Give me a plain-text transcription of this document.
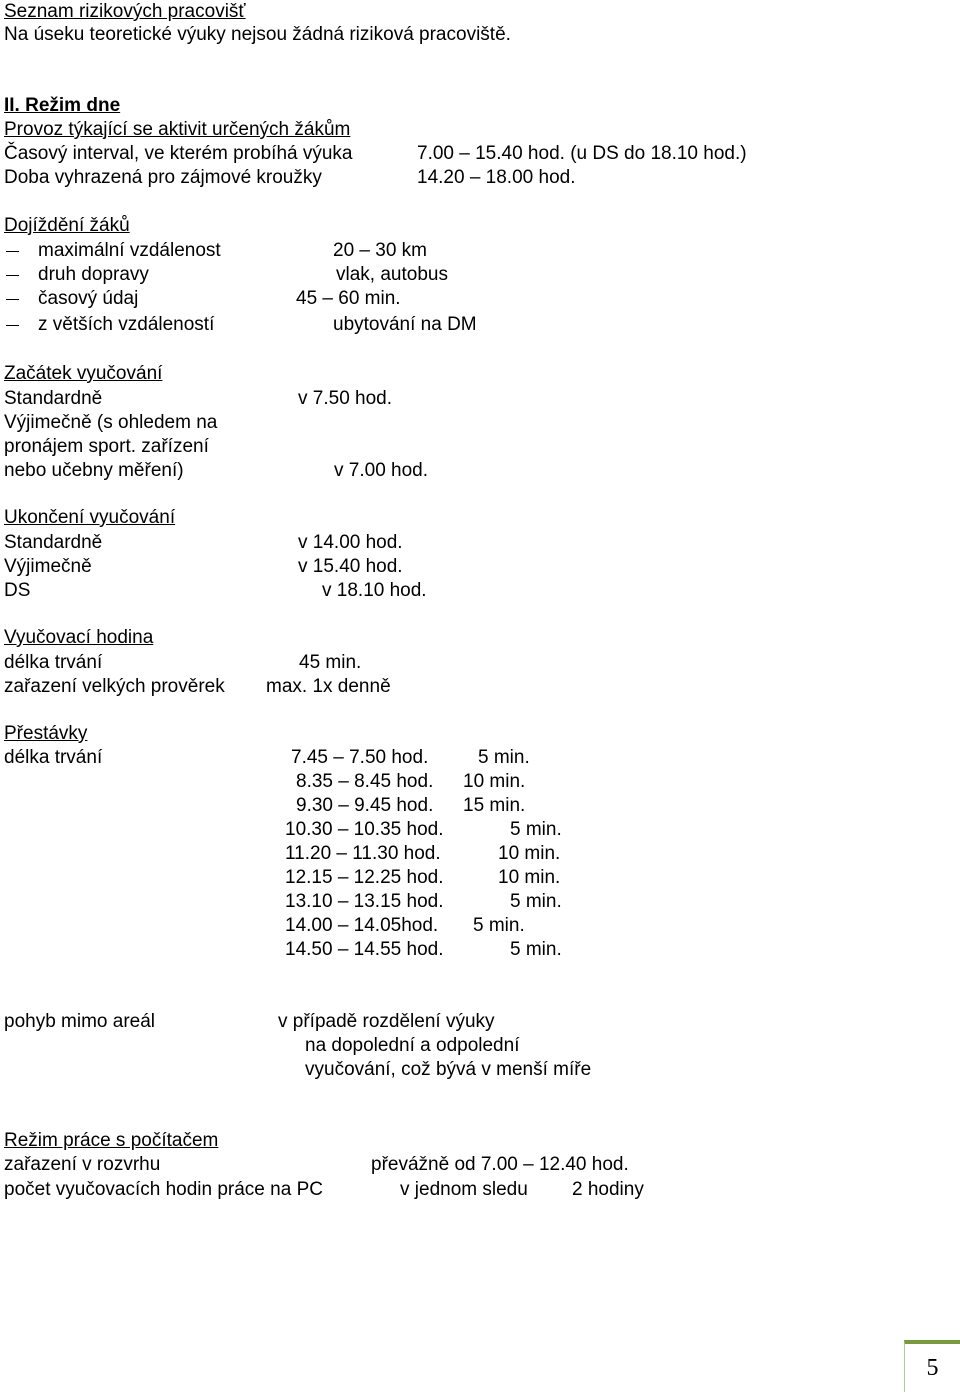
Seznam rizikových pracovišť
Na úseku teoretické výuky nejsou žádná riziková pracoviště.
II. Režim dne
Provoz týkající se aktivit určených žákům
Časový interval, ve kterém probíhá výuka	7.00 – 15.40 hod. (u DS do 18.10 hod.)
Doba vyhrazená pro zájmové kroužky	14.20 – 18.00 hod.
Dojíždění žáků
maximální vzdálenost	20 – 30 km
druh dopravy	vlak, autobus
časový údaj	45 – 60 min.
z větších vzdáleností	ubytování na DM
Začátek vyučování
Standardně	v 7.50 hod.
Výjimečně (s ohledem na
pronájem sport. zařízení
nebo učebny měření)	v 7.00 hod.
Ukončení vyučování
Standardně	v 14.00 hod.
Výjimečně	v 15.40 hod.
DS	v 18.10 hod.
Vyučovací hodina
délka trvání	45 min.
zařazení velkých prověrek max. 1x denně
Přestávky
délka trvání	7.45 – 7.50 hod.	5 min.
8.35 – 8.45 hod. 10 min.
9.30 – 9.45 hod. 15 min.
10.30 – 10.35 hod.	5 min.
11.20 – 11.30 hod.	10 min.
12.15 – 12.25 hod.	10 min.
13.10 – 13.15 hod.	5 min.
14.00 – 14.05hod. 5 min.
14.50 – 14.55 hod.	5 min.
pohyb mimo areál	v případě rozdělení výuky
na dopolední a odpolední
vyučování, což bývá v menší míře
Režim práce s počítačem
zařazení v rozvrhu	převážně od 7.00 – 12.40 hod.
počet vyučovacích hodin práce na PC	v jednom sledu 2 hodiny
5
